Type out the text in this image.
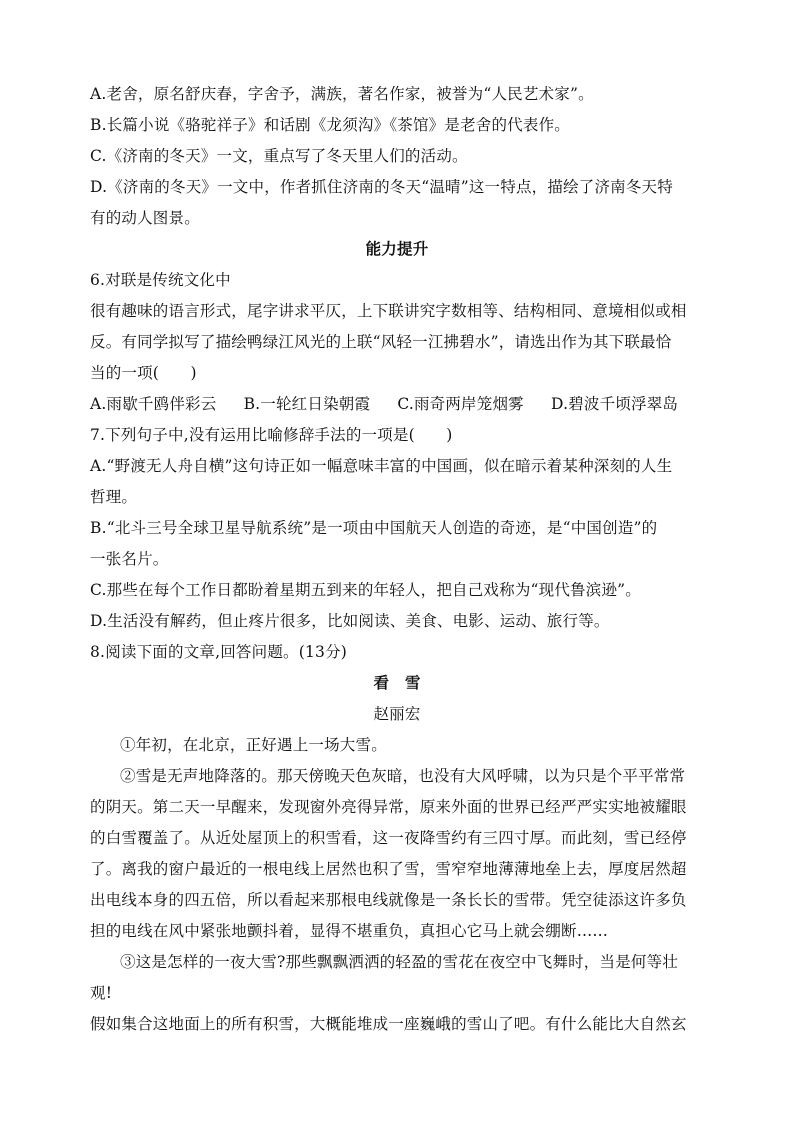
A.老舍，原名舒庆春，字舍予，满族，著名作家，被誉为“人民艺术家”。
B.长篇小说《骆驼祥子》和话剧《龙须沟》《茶馆》是老舍的代表作。
C.《济南的冬天》一文，重点写了冬天里人们的活动。
D.《济南的冬天》一文中，作者抓住济南的冬天“温晴”这一特点，描绘了济南冬天特
有的动人图景。
能力提升
6.对联是传统文化中
很有趣味的语言形式，尾字讲求平仄，上下联讲究字数相等、结构相同、意境相似或相
反。有同学拟写了描绘鸭绿江风光的上联“风轻一江拂碧水”，请选出作为其下联最恰
当的一项(　　)
A.雨歇千鸥伴彩云 B.一轮红日染朝霞 C.雨奇两岸笼烟雾 D.碧波千顷浮翠岛
7.下列句子中,没有运用比喻修辞手法的一项是(　　)
A.“野渡无人舟自横”这句诗正如一幅意味丰富的中国画，似在暗示着某种深刻的人生
哲理。
B.“北斗三号全球卫星导航系统”是一项由中国航天人创造的奇迹，是“中国创造”的
一张名片。
C.那些在每个工作日都盼着星期五到来的年轻人，把自己戏称为“现代鲁滨逊”。
D.生活没有解药，但止疼片很多，比如阅读、美食、电影、运动、旅行等。
8.阅读下面的文章,回答问题。(13分)
看　雪
赵丽宏
①年初，在北京，正好遇上一场大雪。
②雪是无声地降落的。那天傍晚天色灰暗，也没有大风呼啸，以为只是个平平常常
的阴天。第二天一早醒来，发现窗外亮得异常，原来外面的世界已经严严实实地被耀眼
的白雪覆盖了。从近处屋顶上的积雪看，这一夜降雪约有三四寸厚。而此刻，雪已经停
了。离我的窗户最近的一根电线上居然也积了雪，雪窄窄地薄薄地垒上去，厚度居然超
出电线本身的四五倍，所以看起来那根电线就像是一条长长的雪带。凭空徒添这许多负
担的电线在风中紧张地颤抖着，显得不堪重负，真担心它马上就会绷断……
③这是怎样的一夜大雪?那些飘飘洒洒的轻盈的雪花在夜空中飞舞时，当是何等壮
观!
假如集合这地面上的所有积雪，大概能堆成一座巍峨的雪山了吧。有什么能比大自然玄
